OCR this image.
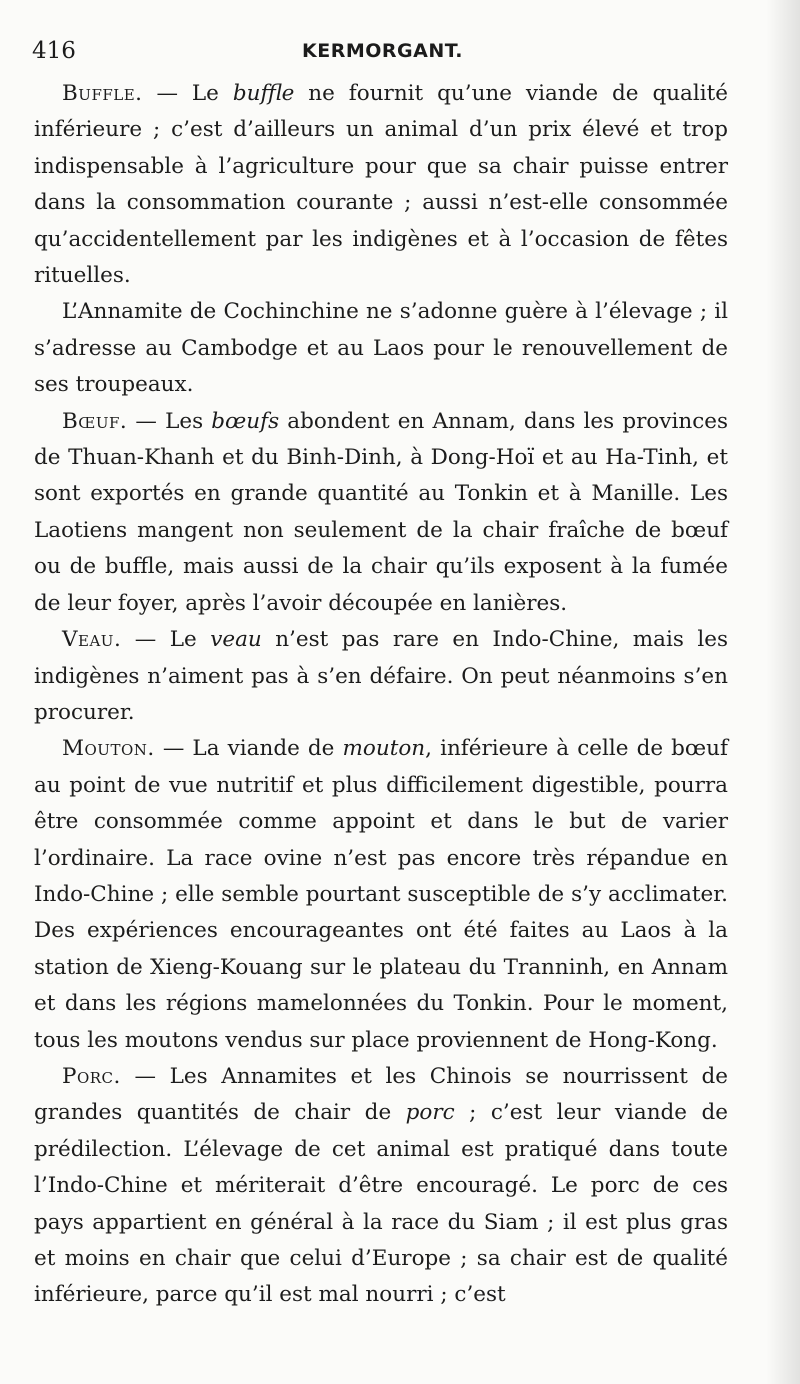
416	KERMORGANT.

Buffle. — Le buffle ne fournit qu’une viande de qualité inférieure ; c’est d’ailleurs un animal d’un prix élevé et trop indispensable à l’agriculture pour que sa chair puisse entrer dans la consommation courante ; aussi n’est-elle consommée qu’accidentellement par les indigènes et à l’occasion de fêtes rituelles.

L’Annamite de Cochinchine ne s’adonne guère à l’élevage ; il s’adresse au Cambodge et au Laos pour le renouvellement de ses troupeaux.

Bœuf. — Les bœufs abondent en Annam, dans les provinces de Thuan-Khanh et du Binh-Dinh, à Dong-Hoï et au Ha-Tinh, et sont exportés en grande quantité au Tonkin et à Manille. Les Laotiens mangent non seulement de la chair fraîche de bœuf ou de buffle, mais aussi de la chair qu’ils exposent à la fumée de leur foyer, après l’avoir découpée en lanières.

Veau. — Le veau n’est pas rare en Indo-Chine, mais les indigènes n’aiment pas à s’en défaire. On peut néanmoins s’en procurer.

Mouton. — La viande de mouton, inférieure à celle de bœuf au point de vue nutritif et plus difficilement digestible, pourra être consommée comme appoint et dans le but de varier l’ordinaire. La race ovine n’est pas encore très répandue en Indo-Chine ; elle semble pourtant susceptible de s’y acclimater. Des expériences encourageantes ont été faites au Laos à la station de Xieng-Kouang sur le plateau du Tranninh, en Annam et dans les régions mamelonnées du Tonkin. Pour le moment, tous les moutons vendus sur place proviennent de Hong-Kong.

Porc. — Les Annamites et les Chinois se nourrissent de grandes quantités de chair de porc ; c’est leur viande de prédilection. L’élevage de cet animal est pratiqué dans toute l’Indo-Chine et mériterait d’être encouragé. Le porc de ces pays appartient en général à la race du Siam ; il est plus gras et moins en chair que celui d’Europe ; sa chair est de qualité inférieure, parce qu’il est mal nourri ; c’est
